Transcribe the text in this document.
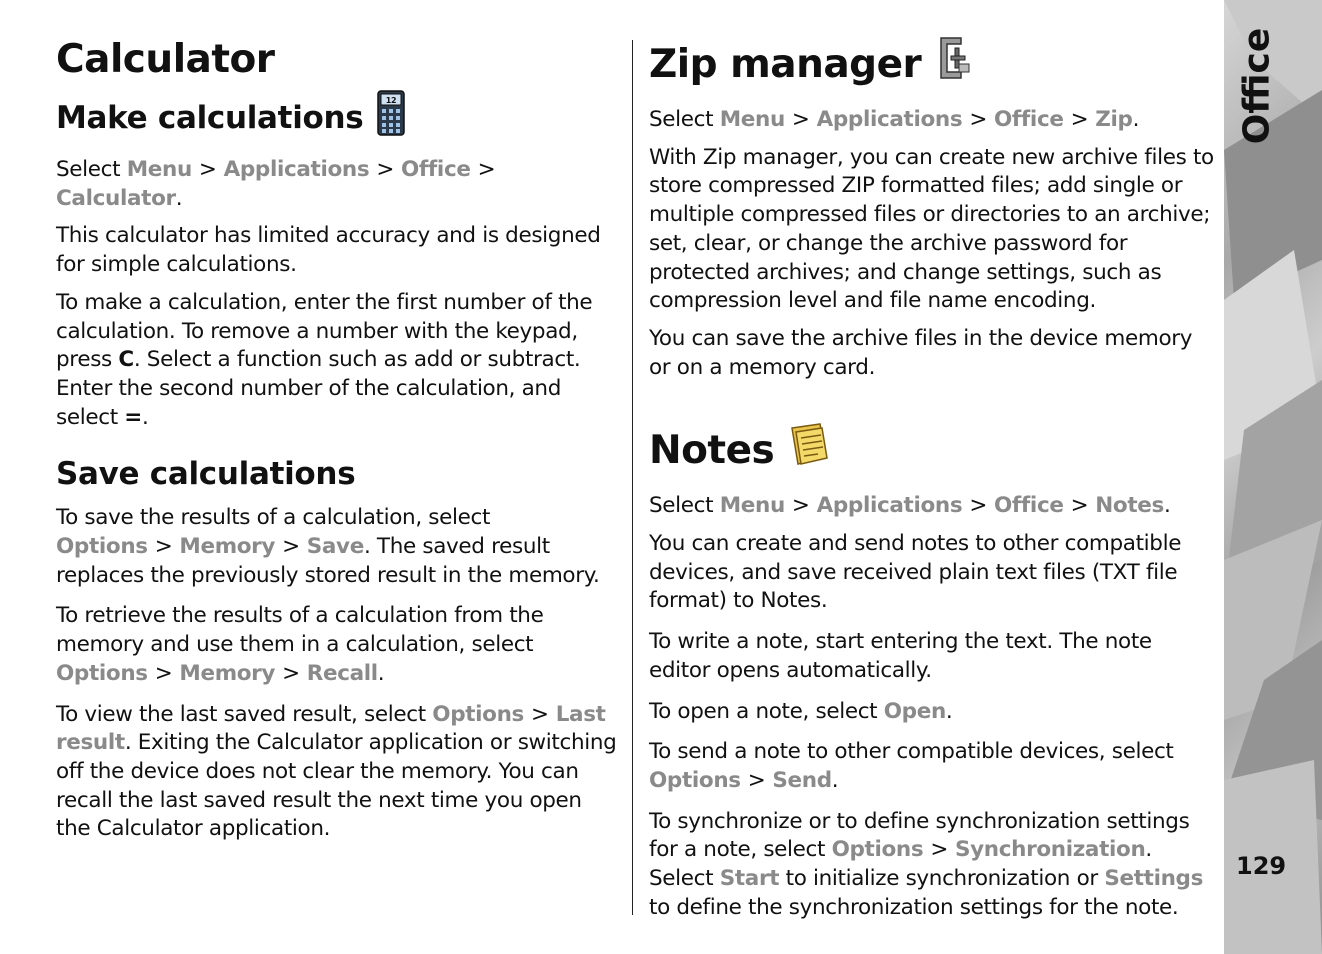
Calculator
Make calculations	12

Select Menu > Applications > Office >
Calculator.

This calculator has limited accuracy and is designed for simple calculations.

To make a calculation, enter the first number of the calculation. To remove a number with the keypad, press C. Select a function such as add or subtract. Enter the second number of the calculation, and select =.

Save calculations

To save the results of a calculation, select Options > Memory > Save. The saved result replaces the previously stored result in the memory.

To retrieve the results of a calculation from the memory and use them in a calculation, select Options > Memory > Recall.

To view the last saved result, select Options > Last result. Exiting the Calculator application or switching off the device does not clear the memory. You can recall the last saved result the next time you open the Calculator application.

Zip manager

Select Menu > Applications > Office > Zip.

With Zip manager, you can create new archive files to store compressed ZIP formatted files; add single or multiple compressed files or directories to an archive; set, clear, or change the archive password for protected archives; and change settings, such as compression level and file name encoding.

You can save the archive files in the device memory or on a memory card.

Notes

Select Menu > Applications > Office > Notes.

You can create and send notes to other compatible devices, and save received plain text files (TXT file format) to Notes.

To write a note, start entering the text. The note editor opens automatically.

To open a note, select Open.

To send a note to other compatible devices, select Options > Send.

To synchronize or to define synchronization settings for a note, select Options > Synchronization. Select Start to initialize synchronization or Settings to define the synchronization settings for the note.

Office
129
